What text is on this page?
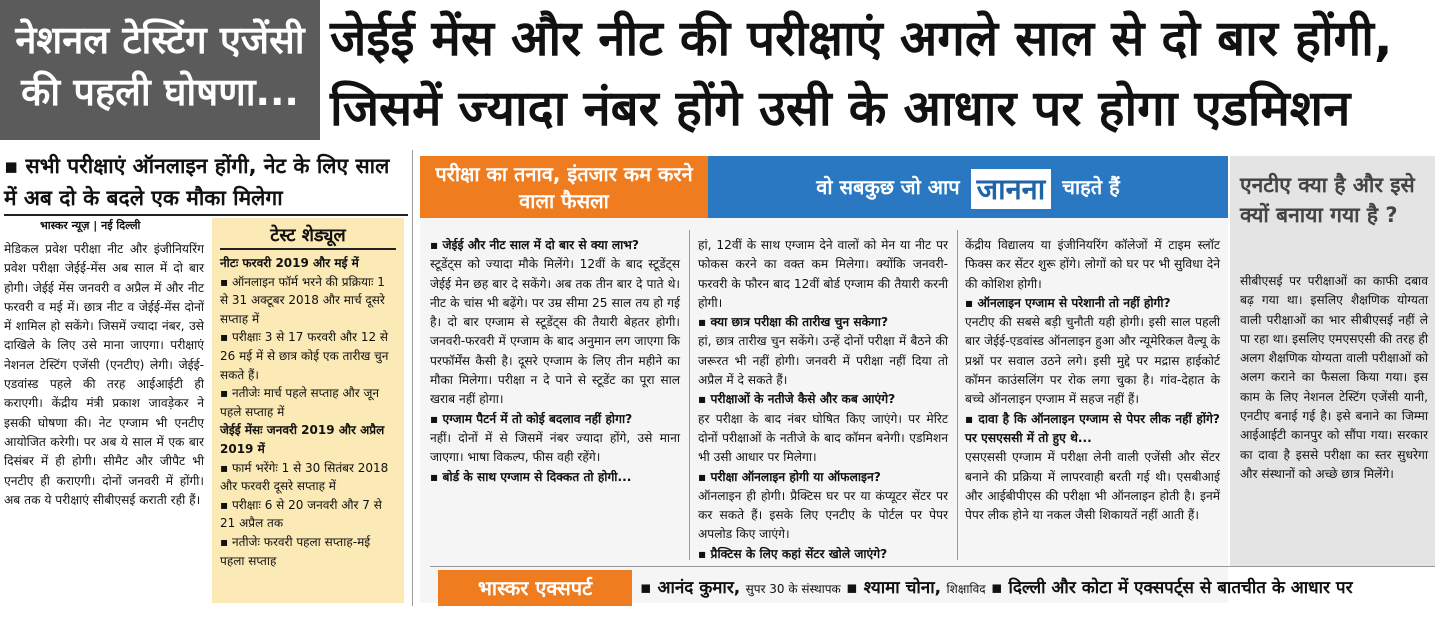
नेशनल टेस्टिंग एजेंसी की पहली घोषणा...
जेईई मेंस और नीट की परीक्षाएं अगले साल से दो बार होंगी,
जिसमें ज्यादा नंबर होंगे उसी के आधार पर होगा एडमिशन
▪ सभी परीक्षाएं ऑनलाइन होंगी, नेट के लिए साल में अब दो के बदले एक मौका मिलेगा
भास्कर न्यूज़ | नई दिल्ली

मेडिकल प्रवेश परीक्षा नीट और इंजीनियरिंग प्रवेश परीक्षा जेईई-मेंस अब साल में दो बार होगी। जेईई मेंस जनवरी व अप्रैल में और नीट फरवरी व मई में। छात्र नीट व जेईई-मेंस दोनों में शामिल हो सकेंगे। जिसमें ज्यादा नंबर, उसे दाखिले के लिए उसे माना जाएगा। परीक्षाएं नेशनल टेस्टिंग एजेंसी (एनटीए) लेगी। जेईई-एडवांस्ड पहले की तरह आईआईटी ही कराएगी। केंद्रीय मंत्री प्रकाश जावड़ेकर ने इसकी घोषणा की। नेट एग्जाम भी एनटीए आयोजित करेगी। पर अब ये साल में एक बार दिसंबर में ही होगी। सीमैट और जीपैट भी एनटीए ही कराएगी। दोनों जनवरी में होंगी। अब तक ये परीक्षाएं सीबीएसई कराती रही हैं।

टेस्ट शेड्यूल

नीटः फरवरी 2019 और मई में

▪ ऑनलाइन फॉर्म भरने की प्रक्रियाः 1 से 31 अक्टूबर 2018 और मार्च दूसरे सप्ताह में

▪ परीक्षाः 3 से 17 फरवरी और 12 से 26 मई में से छात्र कोई एक तारीख चुन सकते हैं।

▪ नतीजेः मार्च पहले सप्ताह और जून पहले सप्ताह में

जेईई मेंसः जनवरी 2019 और अप्रैल 2019 में

▪ फार्म भरेंगेः 1 से 30 सितंबर 2018 और फरवरी दूसरे सप्ताह में

▪ परीक्षाः 6 से 20 जनवरी और 7 से 21 अप्रैल तक

▪ नतीजेः फरवरी पहला सप्ताह-मई पहला सप्ताह

परीक्षा का तनाव, इंतजार कम करने वाला फैसला
वो सबकुछ जो आप जानना चाहते हैं

▪ जेईई और नीट साल में दो बार से क्या लाभ?

स्टूडेंट्स को ज्यादा मौके मिलेंगे। 12वीं के बाद स्टूडेंट्स जेईई मेन छह बार दे सकेंगे। अब तक तीन बार दे पाते थे। नीट के चांस भी बढ़ेंगे। पर उम्र सीमा 25 साल तय हो गई है। दो बार एग्जाम से स्टूडेंट्स की तैयारी बेहतर होगी। जनवरी-फरवरी में एग्जाम के बाद अनुमान लग जाएगा कि परफॉर्मेंस कैसी है। दूसरे एग्जाम के लिए तीन महीने का मौका मिलेगा। परीक्षा न दे पाने से स्टूडेंट का पूरा साल खराब नहीं होगा।

▪ एग्जाम पैटर्न में तो कोई बदलाव नहीं होगा?

नहीं। दोनों में से जिसमें नंबर ज्यादा होंगे, उसे माना जाएगा। भाषा विकल्प, फीस वही रहेंगे।

▪ बोर्ड के साथ एग्जाम से दिक्कत तो होगी...

हां, 12वीं के साथ एग्जाम देने वालों को मेन या नीट पर फोकस करने का वक्त कम मिलेगा। क्योंकि जनवरी-फरवरी के फौरन बाद 12वीं बोर्ड एग्जाम की तैयारी करनी होगी।

▪ क्या छात्र परीक्षा की तारीख चुन सकेगा?

हां, छात्र तारीख चुन सकेंगे। उन्हें दोनों परीक्षा में बैठने की जरूरत भी नहीं होगी। जनवरी में परीक्षा नहीं दिया तो अप्रैल में दे सकते हैं।

▪ परीक्षाओं के नतीजे कैसे और कब आएंगे?

हर परीक्षा के बाद नंबर घोषित किए जाएंगे। पर मेरिट दोनों परीक्षाओं के नतीजे के बाद कॉमन बनेगी। एडमिशन भी उसी आधार पर मिलेगा।

▪ परीक्षा ऑनलाइन होगी या ऑफलाइन?

ऑनलाइन ही होगी। प्रैक्टिस घर पर या कंप्यूटर सेंटर पर कर सकते हैं। इसके लिए एनटीए के पोर्टल पर पेपर अपलोड किए जाएंगे।

▪ प्रैक्टिस के लिए कहां सेंटर खोले जाएंगे?

केंद्रीय विद्यालय या इंजीनियरिंग कॉलेजों में टाइम स्लॉट फिक्स कर सेंटर शुरू होंगे। लोगों को घर पर भी सुविधा देने की कोशिश होगी।

▪ ऑनलाइन एग्जाम से परेशानी तो नहीं होगी?

एनटीए की सबसे बड़ी चुनौती यही होगी। इसी साल पहली बार जेईई-एडवांस्ड ऑनलाइन हुआ और न्यूमेरिकल वैल्यू के प्रश्नों पर सवाल उठने लगे। इसी मुद्दे पर मद्रास हाईकोर्ट कॉमन काउंसलिंग पर रोक लगा चुका है। गांव-देहात के बच्चे ऑनलाइन एग्जाम में सहज नहीं हैं।

▪ दावा है कि ऑनलाइन एग्जाम से पेपर लीक नहीं होंगे? पर एसएससी में तो हुए थे...

एसएससी एग्जाम में परीक्षा लेनी वाली एजेंसी और सेंटर बनाने की प्रक्रिया में लापरवाही बरती गई थी। एसबीआई और आईबीपीएस की परीक्षा भी ऑनलाइन होती है। इनमें पेपर लीक होने या नकल जैसी शिकायतें नहीं आती हैं।

एनटीए क्या है और इसे क्यों बनाया गया है ?

सीबीएसई पर परीक्षाओं का काफी दबाव बढ़ गया था। इसलिए शैक्षणिक योग्यता वाली परीक्षाओं का भार सीबीएसई नहीं ले पा रहा था। इसलिए एमएसएसी की तरह ही अलग शैक्षणिक योग्यता वाली परीक्षाओं को अलग कराने का फैसला किया गया। इस काम के लिए नेशनल टेस्टिंग एजेंसी यानी, एनटीए बनाई गई है। इसे बनाने का जिम्मा आईआईटी कानपुर को सौंपा गया। सरकार का दावा है इससे परीक्षा का स्तर सुधरेगा और संस्थानों को अच्छे छात्र मिलेंगे।

भास्कर एक्सपर्ट	▪ आनंद कुमार, सुपर 30 के संस्थापक ▪ श्यामा चोना, शिक्षाविद ▪ दिल्ली और कोटा में एक्सपर्ट्स से बातचीत के आधार पर
